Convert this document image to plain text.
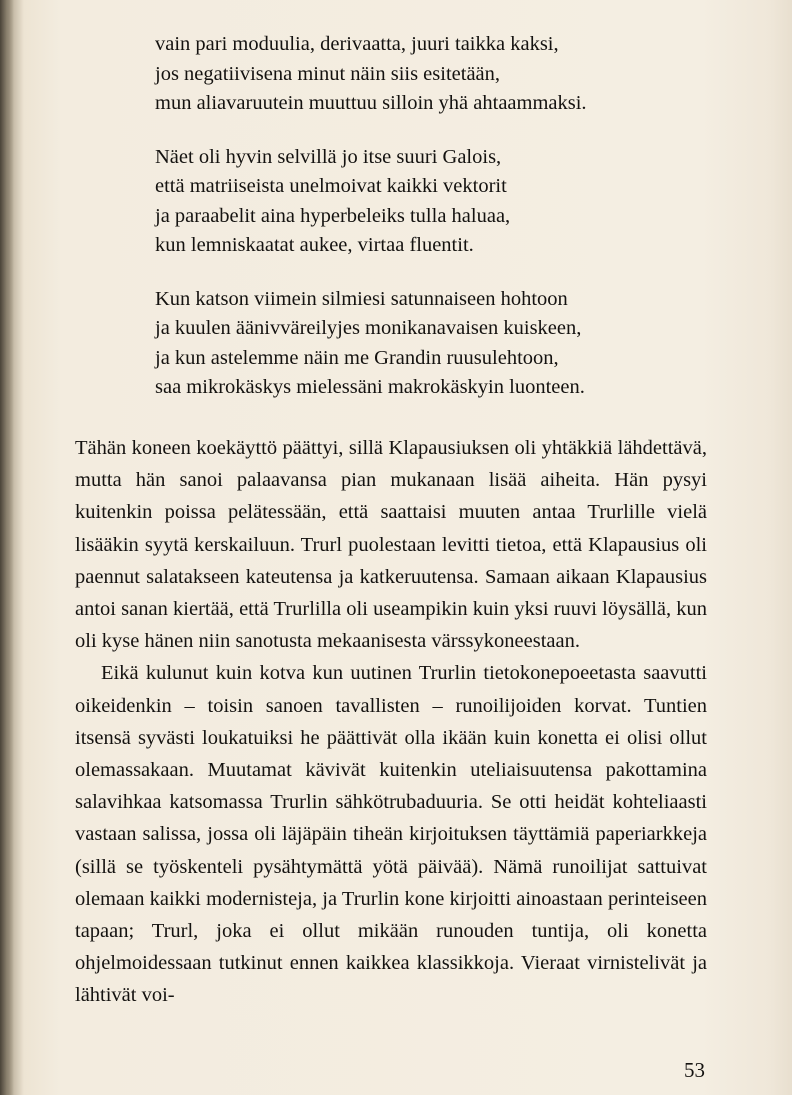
vain pari moduulia, derivaatta, juuri taikka kaksi,
jos negatiivisena minut näin siis esitetään,
mun aliavaruutein muuttuu silloin yhä ahtaammaksi.
Näet oli hyvin selvillä jo itse suuri Galois,
että matriiseista unelmoivat kaikki vektorit
ja paraabelit aina hyperbeleiks tulla haluaa,
kun lemniskaatat aukee, virtaa fluentit.
Kun katson viimein silmiesi satunnaiseen hohtoon
ja kuulen äänivväreilyjes monikanavaisen kuiskeen,
ja kun astelemme näin me Grandin ruusulehtoon,
saa mikrokäskys mielessäni makrokäskyin luonteen.

Tähän koneen koekäyttö päättyi, sillä Klapausiuksen oli yhtäkkiä lähdettävä, mutta hän sanoi palaavansa pian mukanaan lisää aiheita. Hän pysyi kuitenkin poissa pelätessään, että saattaisi muuten antaa Trurlille vielä lisääkin syytä kerskailuun. Trurl puolestaan levitti tietoa, että Klapausius oli paennut salatakseen kateutensa ja katkeruutensa. Samaan aikaan Klapausius antoi sanan kiertää, että Trurlilla oli useampikin kuin yksi ruuvi löysällä, kun oli kyse hänen niin sanotusta mekaanisesta värssykoneestaan.

Eikä kulunut kuin kotva kun uutinen Trurlin tietokonepoeetasta saavutti oikeidenkin – toisin sanoen tavallisten – runoilijoiden korvat. Tuntien itsensä syvästi loukatuiksi he päättivät olla ikään kuin konetta ei olisi ollut olemassakaan. Muutamat kävivät kuitenkin uteliaisuutensa pakottamina salavihkaa katsomassa Trurlin sähkötrubaduuria. Se otti heidät kohteliaasti vastaan salissa, jossa oli läjäpäin tiheän kirjoituksen täyttämiä paperiarkkeja (sillä se työskenteli pysähtymättä yötä päivää). Nämä runoilijat sattuivat olemaan kaikki modernisteja, ja Trurlin kone kirjoitti ainoastaan perinteiseen tapaan; Trurl, joka ei ollut mikään runouden tuntija, oli konetta ohjelmoidessaan tutkinut ennen kaikkea klassikkoja. Vieraat virnistelivät ja lähtivät voi-

53
